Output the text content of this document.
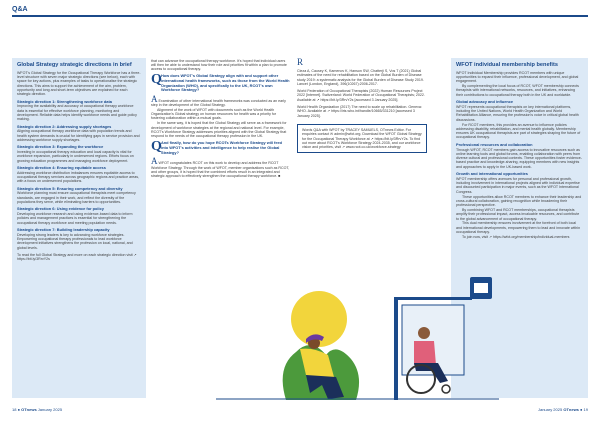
Q&A
Global Strategy strategic directions in brief
WFOT's Global Strategy for the Occupational Therapy Workforce has a three-level structure with seven major strategic directions (see below), each with space for key actions, plus examples of tasks to operationalise the strategic directions. This aims to support the achievement of the aim, problem, opportunity and long and short-term objectives are explained for each strategic direction.
Strategic direction 1: Strengthening workforce data
Improving the availability and accuracy of occupational therapy workforce data is essential for effective workforce planning, monitoring and development. Reliable data helps identify workforce needs and guide policy making.
Strategic direction 2: Addressing supply shortages
Aligning occupational therapy workforce data with population trends and health system demands is crucial for identifying gaps in service provision and addressing workforce supply shortages.
Strategic direction 3: Expanding the workforce
Investing in occupational therapy education and local capacity is vital for workforce expansion, particularly in underserved regions. Efforts focus on growing education programmes and managing workforce deployment.
Strategic direction 4: Ensuring equitable access
Addressing workforce distribution imbalances ensures equitable access to occupational therapy services across geographic regions and practice areas, with a focus on underserved populations.
Strategic direction 5: Ensuring competency and diversity
Workforce planning must ensure occupational therapists meet competency standards, are engaged in their work, and reflect the diversity of the populations they serve, while eliminating barriers to opportunities.
Strategic direction 6: Using evidence for policy
Developing workforce research and using evidence-based data to inform policies and management practices is essential for strengthening the occupational therapy workforce and meeting population needs.
Strategic direction 7: Building leadership capacity
Developing strong leaders is key to advancing workforce strategies. Empowering occupational therapy professionals to lead workforce development initiatives strengthens the profession on local, national, and global levels.
To read the full Global Strategy and more on each strategic direction visit ↗ https://bit.ly/3RrvY2s
that can advance the occupational therapy workforce. It's hoped that individual users will then be able to understand how their role and priorities fit within a plan to promote access to occupational therapy.
Q How does WFOT's Global Strategy align with and support other international health frameworks, such as those from the World Health Organization (WHO), and specifically to the UK, RCOT's own Workforce Strategy?
A Examination of other international health frameworks was conducted as an early step in the development of the Global Strategy.
Alignment of the work of WFOT with documents such as the World Health Organization's Global strategy on human resources for health was a priority for fostering collaboration within a mutual goals.
In the same way, it is hoped that the Global Strategy will serve as a framework for development of workforce strategies at the regional and national level. For example, RCOT's Workforce Strategy addresses priorities aligned with the Global Strategy that respond to the needs of the occupational therapy profession in the UK.
Q And finally, how do you hope RCOTs Workforce Strategy will feed into WFOT's activities and intelligence to help realise the Global Strategy?
A WFOT congratulates RCOT on this work to develop and address the RCOT Workforce Strategy. Through the work of WFOT, member organisations such as RCOT, and other groups, it is hoped that the combined efforts result in an integrated and strategic approach to effectively strengthen the occupational therapy workforce. ■
R
Cieza A, Causey K, Kamenov K, Hanson SW, Chatterji S, Vos T (2021) Global estimates of the need for rehabilitation based on the Global Burden of Disease study 2019: a systematic analysis for the Global Burden of Disease Study 2019. Lancet (London, England), 396(10267):2006-2017.
World Federation of Occupational Therapists (2022) Human Resources Project 2022 [Internet]. Switzerland: World Federation of Occupational Therapists; 2022. Available at ↗ https://bit.ly/3RrvY2s [accessed 3 January 2025].
World Health Organization (2017) The need to scale up rehabilitation. Geneva: WHO. Available at ↗ https://iris.who.int/handle/10665/331210 [accessed 3 January 2025].
Words Q&A with WFOT by TRACEY SAMUELS, OTnews Editor. For enquiries contact ✉ admin@wfot.org. Download the WFOT Global Strategy for the Occupational Therapy Workforce at ↗ https://bit.ly/3RrvY2s. To find out more about RCOT's Workforce Strategy 2024-2035, and our workforce vision and priorities, visit ↗ www.rcot.co.uk/workforce-strategy
WFOT individual membership benefits
WFOT Individual Membership provides RCOT members with unique opportunities to expand their influence, professional development, and global engagement.
By complementing the local focus of RCOT, WFOT membership connects therapists with international networks, resources, and initiatives, enhancing their contributions to occupational therapy both in the UK and worldwide.
Global advocacy and influence
WFOT represents occupational therapists on key international platforms, including the United Nations, World Health Organization and World Rehabilitation Alliance, ensuring the profession's voice in critical global health discussions.
For RCOT members, this provides an avenue to influence policies addressing disability, rehabilitation, and mental health globally. Membership ensures UK occupational therapists are part of strategies shaping the future of occupational therapy.
Professional resources and collaboration
Through WFOT, RCOT members gain access to innovative resources such as online learning tools and global forums, enabling collaboration with peers from diverse cultural and professional contexts. These opportunities foster evidence-based practice and knowledge-sharing, equipping members with new insights and approaches to apply in the UK-based work.
Growth and international opportunities
WFOT membership offers avenues for personal and professional growth, including involvement in international projects aligned with individual expertise and discounted participation in major events, such as the WFOT International Congress.
These opportunities allow RCOT members to enhance their leadership and cross-cultural collaboration, gaining recognition while broadening their professional perspective.
By combining WFOT and RCOT memberships, occupational therapists amplify their professional impact, access invaluable resources, and contribute to the global advancement of occupational therapy.
This dual membership ensures involvement at the forefront of both local and international developments, empowering them to lead and innovate within occupational therapy.
To join now, visit ↗ https://wfot.org/membership/individual-members
18 ● OTnews January 2025	January 2025 OTnews ● 19
